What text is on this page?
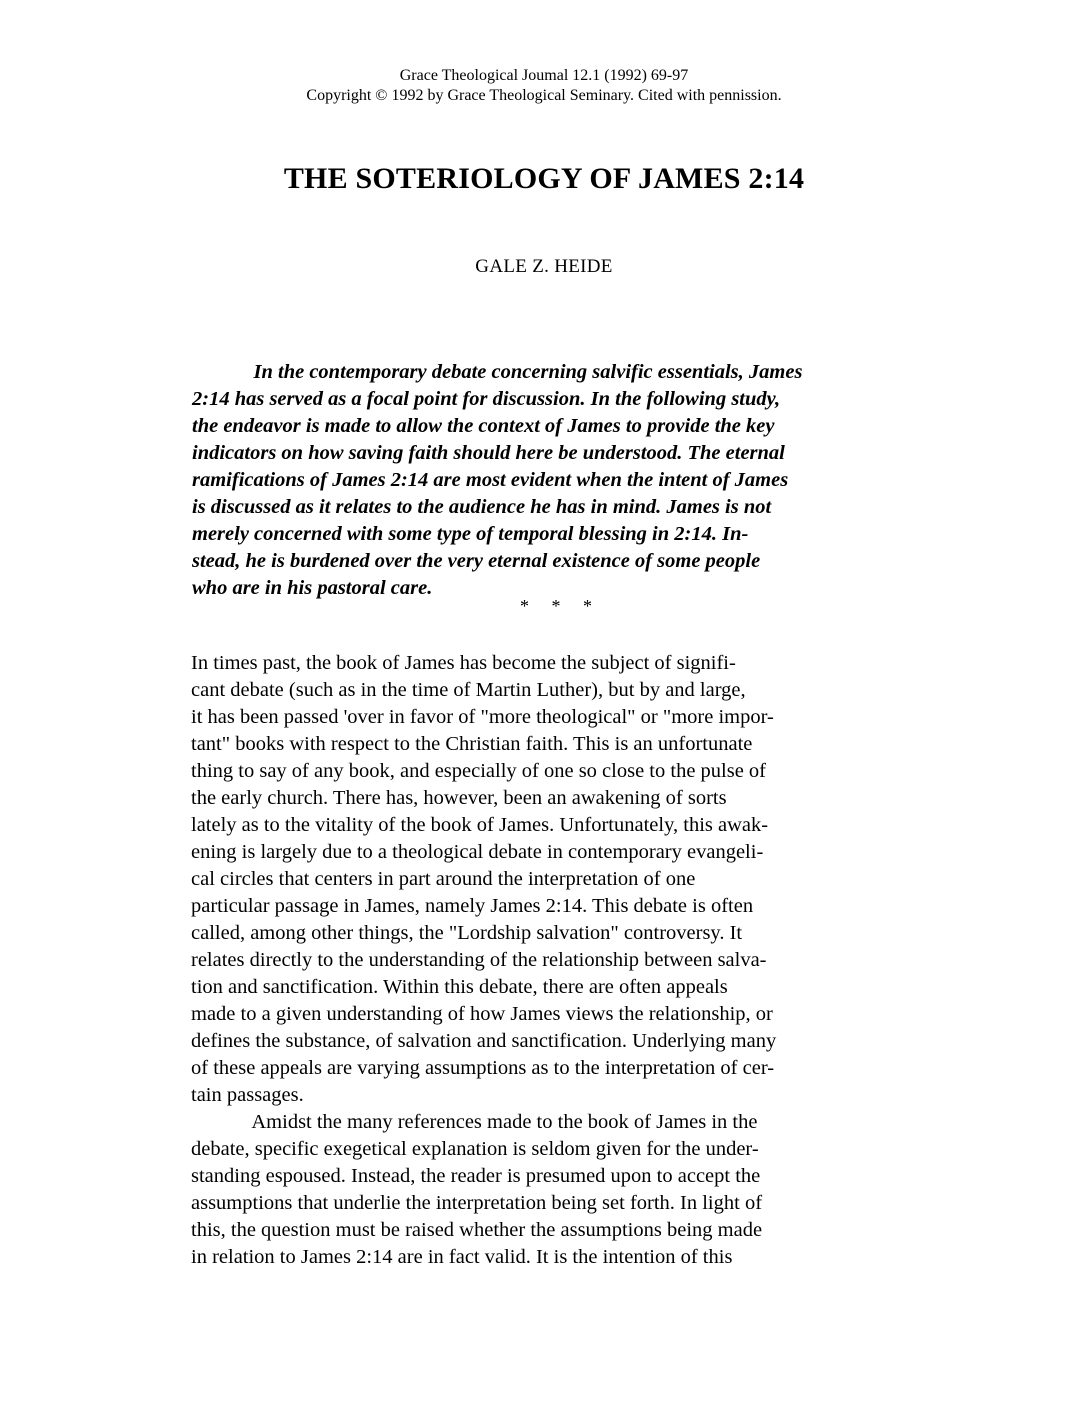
Grace Theological Joumal 12.1 (1992) 69-97
Copyright © 1992 by Grace Theological Seminary. Cited with pennission.
THE SOTERIOLOGY OF JAMES 2:14
GALE Z. HEIDE
In the contemporary debate concerning salvific essentials, James
2:14 has served as a focal point for discussion. In the following study,
the endeavor is made to allow the context of James to provide the key
indicators on how saving faith should here be understood. The eternal
ramifications of James 2:14 are most evident when the intent of James
is discussed as it relates to the audience he has in mind. James is not
merely concerned with some type of temporal blessing in 2:14. In-
stead, he is burdened over the very eternal existence of some people
who are in his pastoral care.
*     *     *
In times past, the book of James has become the subject of signifi-
cant debate (such as in the time of Martin Luther), but by and large,
it has been passed 'over in favor of "more theological" or "more impor-
tant" books with respect to the Christian faith. This is an unfortunate
thing to say of any book, and especially of one so close to the pulse of
the early church. There has, however, been an awakening of sorts
lately as to the vitality of the book of James. Unfortunately, this awak-
ening is largely due to a theological debate in contemporary evangeli-
cal circles that centers in part around the interpretation of one
particular passage in James, namely James 2:14. This debate is often
called, among other things, the "Lordship salvation" controversy. It
relates directly to the understanding of the relationship between salva-
tion and sanctification. Within this debate, there are often appeals
made to a given understanding of how James views the relationship, or
defines the substance, of salvation and sanctification. Underlying many
of these appeals are varying assumptions as to the interpretation of cer-
tain passages.
Amidst the many references made to the book of James in the
debate, specific exegetical explanation is seldom given for the under-
standing espoused. Instead, the reader is presumed upon to accept the
assumptions that underlie the interpretation being set forth. In light of
this, the question must be raised whether the assumptions being made
in relation to James 2:14 are in fact valid. It is the intention of this
